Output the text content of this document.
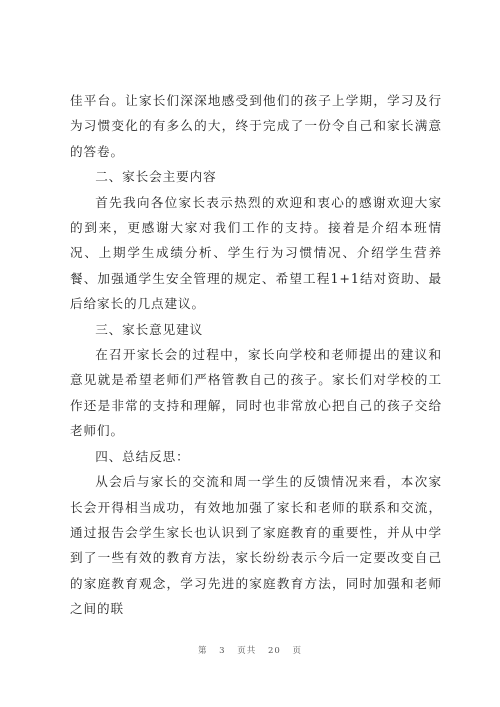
佳平台。让家长们深深地感受到他们的孩子上学期，学习及行为习惯变化的有多么的大，终于完成了一份令自己和家长满意的答卷。

二、家长会主要内容

首先我向各位家长表示热烈的欢迎和衷心的感谢欢迎大家的到来，更感谢大家对我们工作的支持。接着是介绍本班情况、上期学生成绩分析、学生行为习惯情况、介绍学生营养餐、加强通学生安全管理的规定、希望工程1+1结对资助、最后给家长的几点建议。

三、家长意见建议

在召开家长会的过程中，家长向学校和老师提出的建议和意见就是希望老师们严格管教自己的孩子。家长们对学校的工作还是非常的支持和理解，同时也非常放心把自己的孩子交给老师们。

四、总结反思：

从会后与家长的交流和周一学生的反馈情况来看，本次家长会开得相当成功，有效地加强了家长和老师的联系和交流，通过报告会学生家长也认识到了家庭教育的重要性，并从中学到了一些有效的教育方法，家长纷纷表示今后一定要改变自己的家庭教育观念，学习先进的家庭教育方法，同时加强和老师之间的联

第 3 页共 20 页
